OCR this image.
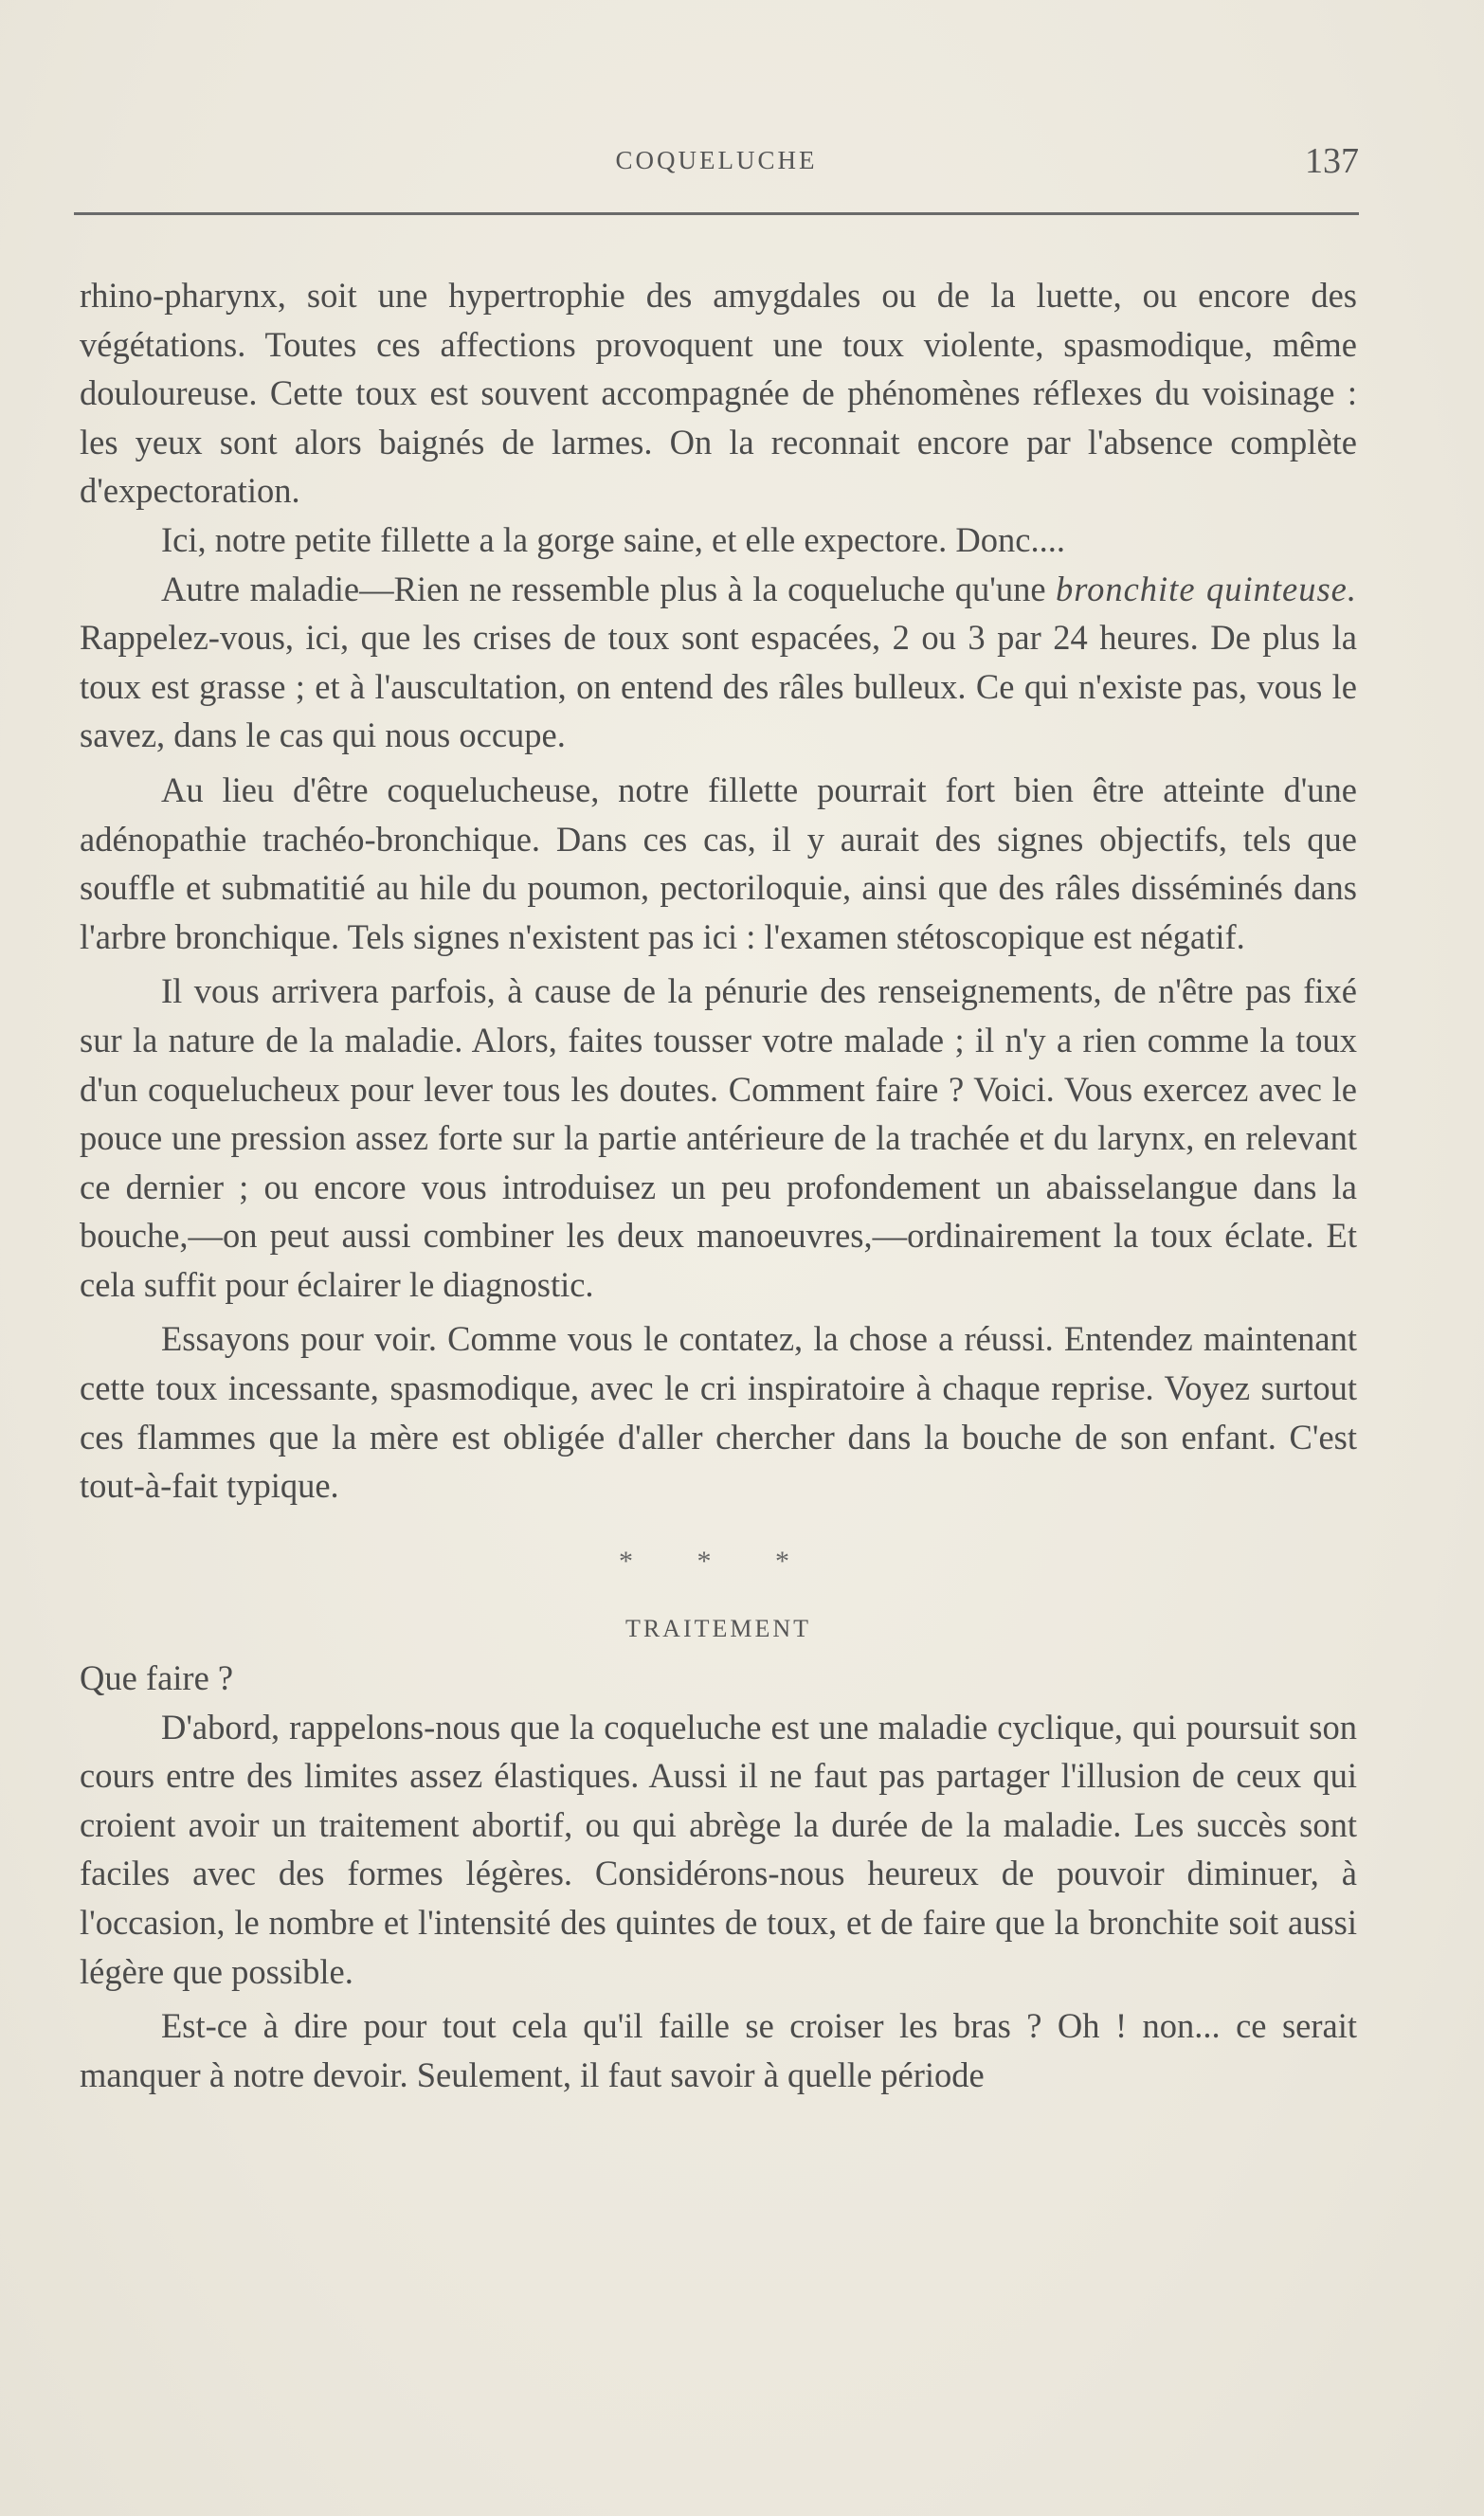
COQUELUCHE	137

rhino-pharynx, soit une hypertrophie des amygdales ou de la luette, ou encore des végétations. Toutes ces affections provoquent une toux violente, spasmodique, même douloureuse. Cette toux est souvent accompagnée de phénomènes réflexes du voisinage : les yeux sont alors baignés de larmes. On la reconnait encore par l'absence complète d'expectoration.

Ici, notre petite fillette a la gorge saine, et elle expectore. Donc....

Autre maladie—Rien ne ressemble plus à la coqueluche qu'une bronchite quinteuse. Rappelez-vous, ici, que les crises de toux sont espacées, 2 ou 3 par 24 heures. De plus la toux est grasse ; et à l'auscultation, on entend des râles bulleux. Ce qui n'existe pas, vous le savez, dans le cas qui nous occupe.

Au lieu d'être coquelucheuse, notre fillette pourrait fort bien être atteinte d'une adénopathie trachéo-bronchique. Dans ces cas, il y aurait des signes objectifs, tels que souffle et submatitié au hile du poumon, pectoriloquie, ainsi que des râles disséminés dans l'arbre bronchique. Tels signes n'existent pas ici : l'examen stétoscopique est négatif.

Il vous arrivera parfois, à cause de la pénurie des renseignements, de n'être pas fixé sur la nature de la maladie. Alors, faites tousser votre malade ; il n'y a rien comme la toux d'un coquelucheux pour lever tous les doutes. Comment faire ? Voici. Vous exercez avec le pouce une pression assez forte sur la partie antérieure de la trachée et du larynx, en relevant ce dernier ; ou encore vous introduisez un peu profondement un abaisselangue dans la bouche,—on peut aussi combiner les deux manoeuvres,—ordinairement la toux éclate. Et cela suffit pour éclairer le diagnostic.

Essayons pour voir. Comme vous le contatez, la chose a réussi. Entendez maintenant cette toux incessante, spasmodique, avec le cri inspiratoire à chaque reprise. Voyez surtout ces flammes que la mère est obligée d'aller chercher dans la bouche de son enfant. C'est tout-à-fait typique.

* * *
TRAITEMENT

Que faire ?

D'abord, rappelons-nous que la coqueluche est une maladie cyclique, qui poursuit son cours entre des limites assez élastiques. Aussi il ne faut pas partager l'illusion de ceux qui croient avoir un traitement abortif, ou qui abrège la durée de la maladie. Les succès sont faciles avec des formes légères. Considérons-nous heureux de pouvoir diminuer, à l'occasion, le nombre et l'intensité des quintes de toux, et de faire que la bronchite soit aussi légère que possible.

Est-ce à dire pour tout cela qu'il faille se croiser les bras ? Oh ! non... ce serait manquer à notre devoir. Seulement, il faut savoir à quelle période
